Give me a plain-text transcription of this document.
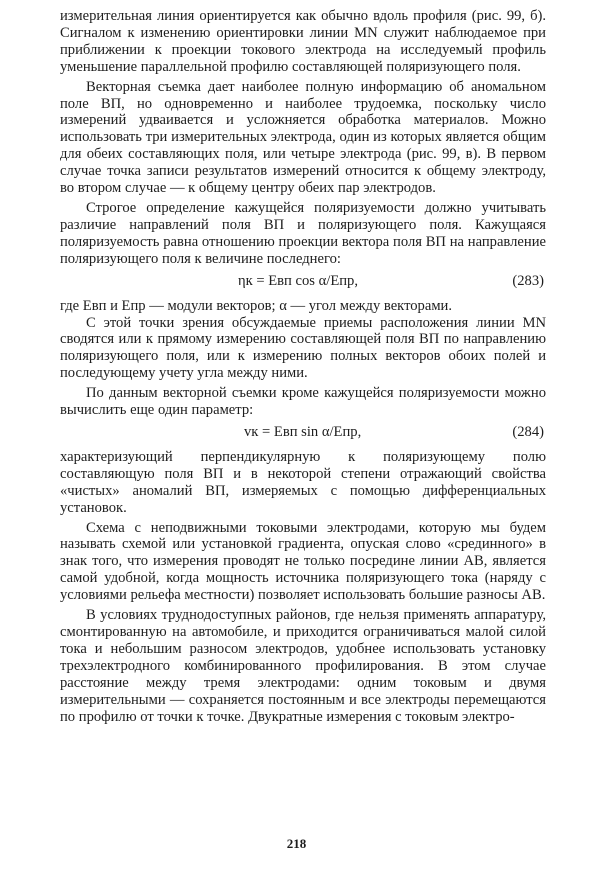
измерительная линия ориентируется как обычно вдоль профиля (рис. 99, б). Сигналом к изменению ориентировки линии MN служит наблюдаемое при приближении к проекции токового электрода на исследуемый профиль уменьшение параллельной профилю составляющей поляризующего поля.

Векторная съемка дает наиболее полную информацию об аномальном поле ВП, но одновременно и наиболее трудоемка, поскольку число измерений удваивается и усложняется обработка материалов. Можно использовать три измерительных электрода, один из которых является общим для обеих составляющих поля, или четыре электрода (рис. 99, в). В первом случае точка записи результатов измерений относится к общему электроду, во втором случае — к общему центру обеих пар электродов.

Строгое определение кажущейся поляризуемости должно учитывать различие направлений поля ВП и поляризующего поля. Кажущаяся поляризуемость равна отношению проекции вектора поля ВП на направление поляризующего поля к величине последнего:

ηк = Eвп cos α/Eпр,	(283)

где Eвп и Eпр — модули векторов; α — угол между векторами.

С этой точки зрения обсуждаемые приемы расположения линии MN сводятся или к прямому измерению составляющей поля ВП по направлению поляризующего поля, или к измерению полных векторов обоих полей и последующему учету угла между ними.

По данным векторной съемки кроме кажущейся поляризуемости можно вычислить еще один параметр:

vк = Eвп sin α/Eпр,	(284)

характеризующий перпендикулярную к поляризующему полю составляющую поля ВП и в некоторой степени отражающий свойства «чистых» аномалий ВП, измеряемых с помощью дифференциальных установок.

Схема с неподвижными токовыми электродами, которую мы будем называть схемой или установкой градиента, опуская слово «срединного» в знак того, что измерения проводят не только посредине линии AB, является самой удобной, когда мощность источника поляризующего тока (наряду с условиями рельефа местности) позволяет использовать большие разносы AB.

В условиях труднодоступных районов, где нельзя применять аппаратуру, смонтированную на автомобиле, и приходится ограничиваться малой силой тока и небольшим разносом электродов, удобнее использовать установку трехэлектродного комбинированного профилирования. В этом случае расстояние между тремя электродами: одним токовым и двумя измерительными — сохраняется постоянным и все электроды перемещаются по профилю от точки к точке. Двукратные измерения с токовым электро-

218
